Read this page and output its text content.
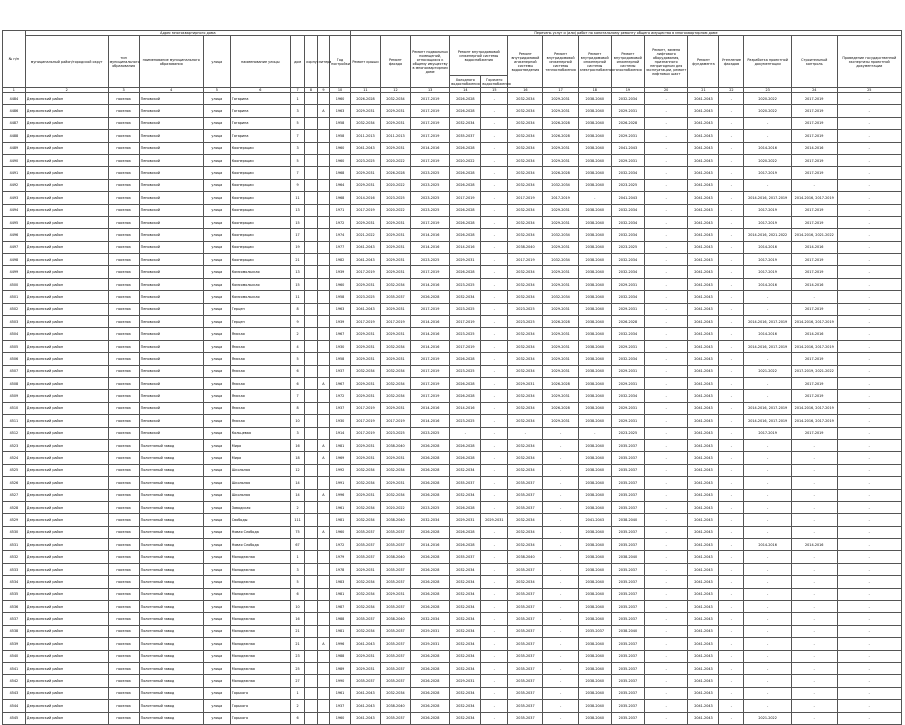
№ п/п	Адрес многоквартирного дома									Перечень услуг и (или) работ по капитальному ремонту общего имущества в многоквартирном доме														
	муниципальный район/городской округ	тип муниципального образования	наименование муниципального образования	улица	наименование улицы	дом	корпус	литера	Год постройки	Ремонт крыши	Ремонт фасада	Ремонт подвальных помещений, относящихся к общему имуществу в многоквартирном доме	Ремонт внутридомовой инженерной системы водоснабжения		Ремонт внутридомовой инженерной системы водоотведения	Ремонт внутридомовой инженерной системы теплоснабжения	Ремонт внутридомовой инженерной системы электроснабжения	Ремонт внутридомовой инженерной системы газоснабжения	Ремонт, замена лифтового оборудования, признанного непригодным для эксплуатации, ремонт лифтовых шахт	Ремонт фундамента	Утепление фасадов	Разработка проектной документации	Строительный контроль	Проведение государственной экспертизы проектной документации
													Холодного водоснабжения	Горячего водоснабжения										
1	2	3	4	5	6	7	8	9	10	11	12	13	14	15	16	17	18	19	20	21	22	23	24	25
4484	Дзержинский район	поселок	Пеновский	улица	Гагарина	1			1960	2026-2028	2032-2034	2017-2019	2026-2028	-	2032-2034	2029-2031	2038-2040	2032-2034	-	2041-2043	-	2020-2022	2017-2019	-
4486	Дзержинский район	поселок	Пеновский	улица	Гагарина	3		А	1963	2029-2031	2029-2031	2017-2019	2026-2028	-	2032-2034	2029-2031	2038-2040	2029-2031	-	2041-2043	-	2020-2022	2017-2019	-
4487	Дзержинский район	поселок	Пеновский	улица	Гагарина	5			1958	2032-2034	2029-2031	2017-2019	2032-2034	-	2032-2034	2026-2028	2038-2040	2026-2028	-	2041-2043	-	-	2017-2019	-
4488	Дзержинский район	поселок	Пеновский	улица	Гагарина	7			1958	2011-2013	2011-2013	2017-2019	2035-2037	-	2032-2034	2026-2028	2038-2040	2029-2031	-	2041-2043	-	-	2017-2019	-
4489	Дзержинский район	поселок	Пеновский	улица	Кооперации	3			1960	2041-2043	2029-2031	2014-2016	2026-2028	-	2032-2034	2029-2031	2038-2040	2041-2043	-	2041-2043	-	2014-2016	2014-2016	-
4490	Дзержинский район	поселок	Пеновский	улица	Кооперации	5			1960	2023-2025	2020-2022	2017-2019	2020-2022	-	2032-2034	2029-2031	2038-2040	2029-2031	-	2041-2043	-	2020-2022	2017-2019	-
4491	Дзержинский район	поселок	Пеновский	улица	Кооперации	7			1968	2029-2031	2026-2028	2023-2025	2026-2028	-	2032-2034	2026-2028	2038-2040	2032-2034	-	2041-2043	-	2017-2019	2017-2019	-
4492	Дзержинский район	поселок	Пеновский	улица	Кооперации	9			1964	2029-2031	2020-2022	2023-2025	2026-2028	-	2032-2034	2032-2034	2038-2040	2023-2025	-	2041-2043	-	-	-	-
4493	Дзержинский район	поселок	Пеновский	улица	Кооперации	11			1968	2014-2016	2023-2025	2023-2025	2017-2019	-	2017-2019	2017-2019	-	2041-2043	-	2041-2043	-	2014-2016, 2017-2019	2014-2016, 2017-2019	-
4494	Дзержинский район	поселок	Пеновский	улица	Кооперации	13			1971	2017-2019	2020-2022	2023-2025	2026-2028	-	2032-2034	2029-2031	2038-2040	2032-2034	-	2041-2043	-	2017-2019	2017-2019	-
4495	Дзержинский район	поселок	Пеновский	улица	Кооперации	15			1972	2029-2031	2029-2031	2017-2019	2026-2028	-	2032-2034	2029-2031	2038-2040	2032-2034	-	2041-2043	-	2017-2019	2017-2019	-
4496	Дзержинский район	поселок	Пеновский	улица	Кооперации	17			1974	2021-2022	2029-2031	2014-2016	2026-2028	-	2032-2034	2032-2034	2038-2040	2032-2034	-	2041-2043	-	2014-2016, 2021-2022	2014-2016, 2021-2022	-
4497	Дзержинский район	поселок	Пеновский	улица	Кооперации	19			1977	2041-2043	2029-2031	2014-2016	2014-2016	-	2038-2040	2029-2031	2038-2040	2023-2025	-	2041-2043	-	2014-2016	2014-2016	-
4498	Дзержинский район	поселок	Пеновский	улица	Кооперации	21			1982	2041-2043	2029-2031	2023-2025	2029-2031	-	2017-2019	2032-2034	2038-2040	2032-2034	-	2041-2043	-	2017-2019	2017-2019	-
4499	Дзержинский район	поселок	Пеновский	улица	Комсомольская	13			1939	2017-2019	2029-2031	2017-2019	2026-2028	-	2032-2034	2029-2031	2038-2040	2032-2034	-	2041-2043	-	2017-2019	2017-2019	-
4500	Дзержинский район	поселок	Пеновский	улица	Комсомольская	15			1960	2029-2031	2032-2034	2014-2016	2023-2025	-	2032-2034	2029-2031	2038-2040	2029-2031	-	2041-2043	-	2014-2016	2014-2016	-
4501	Дзержинский район	поселок	Пеновский	улица	Комсомольская	11			1958	2023-2025	2035-2037	2026-2028	2032-2034	-	2032-2034	2032-2034	2038-2040	2032-2034	-	2041-2043	-	-	-	-
4502	Дзержинский район	поселок	Пеновский	улица	Герцен	8			1963	2041-2043	2029-2031	2017-2019	2023-2025	-	2023-2025	2029-2031	2038-2040	2029-2031	-	2041-2043	-	-	2017-2019	-
4503	Дзержинский район	поселок	Пеновский	улица	Герцен	9			1939	2017-2019	2017-2019	2014-2016	2017-2019	-	2023-2025	2026-2028	2038-2040	2026-2028	-	2041-2043	-	2014-2016, 2017-2019	2014-2016, 2017-2019	-
4504	Дзержинский район	поселок	Пеновский	улица	Ямская	2			1967	2029-2031	2029-2031	2014-2016	2023-2025	-	2032-2034	2029-2031	2038-2040	2032-2034	-	2041-2043	-	2014-2016	2014-2016	-
4505	Дзержинский район	поселок	Пеновский	улица	Ямская	4			1930	2029-2031	2032-2034	2014-2016	2017-2019	-	2032-2034	2029-2031	2038-2040	2029-2031	-	2041-2043	-	2014-2016, 2017-2019	2014-2016, 2017-2019	-
4506	Дзержинский район	поселок	Пеновский	улица	Ямская	5			1958	2029-2031	2029-2031	2017-2019	2026-2028	-	2032-2034	2029-2031	2038-2040	2032-2034	-	2041-2043	-	-	2017-2019	-
4507	Дзержинский район	поселок	Пеновский	улица	Ямская	6			1937	2032-2034	2032-2034	2017-2019	2023-2025	-	2032-2034	2029-2031	2038-2040	2029-2031	-	2041-2043	-	2021-2022	2017-2019, 2021-2022	-
4508	Дзержинский район	поселок	Пеновский	улица	Ямская	6		А	1967	2029-2031	2032-2034	2017-2019	2026-2028	-	2029-2031	2026-2028	2038-2040	2029-2031	-	2041-2043	-	-	2017-2019	-
4509	Дзержинский район	поселок	Пеновский	улица	Ямская	7			1972	2029-2031	2032-2034	2017-2019	2026-2028	-	2032-2034	2029-2031	2038-2040	2032-2034	-	2041-2043	-	-	2017-2019	-
4510	Дзержинский район	поселок	Пеновский	улица	Ямская	8			1937	2017-2019	2029-2031	2014-2016	2014-2016	-	2032-2034	2026-2028	2038-2040	2029-2031	-	2041-2043	-	2014-2016, 2017-2019	2014-2016, 2017-2019	-
4511	Дзержинский район	поселок	Пеновский	улица	Ямская	10			1930	2017-2019	2017-2019	2014-2016	2023-2025	-	2032-2034	2029-2031	2038-2040	2029-2031	-	2041-2043	-	2014-2016, 2017-2019	2014-2016, 2017-2019	-
4512	Дзержинский район	поселок	Пеновский	улица	Кольцевая	3			1914	2017-2019	2023-2025	2023-2025	-	-	-	-	-	2023-2025	-	2041-2043	-	2017-2019	2017-2019	-
4523	Дзержинский район	поселок	Полотняный завод	улица	Мира	16		А	1981	2029-2031	2038-2040	2026-2028	2026-2028	-	2032-2034	-	2038-2040	2035-2037	-	2041-2043	-	-	-	-
4524	Дзержинский район	поселок	Полотняный завод	улица	Мира	18		А	1969	2029-2031	2029-2031	2026-2028	2026-2028	-	2032-2034	-	2038-2040	2035-2037	-	2041-2043	-	-	-	-
4525	Дзержинский район	поселок	Полотняный завод	улица	Школьная	12			1992	2032-2034	2032-2034	2026-2028	2032-2034	-	2032-2034	-	2038-2040	2035-2037	-	2041-2043	-	-	-	-
4526	Дзержинский район	поселок	Полотняный завод	улица	Школьная	14			1991	2032-2034	2029-2031	2026-2028	2035-2037	-	2035-2037	-	2038-2040	2035-2037	-	2041-2043	-	-	-	-
4527	Дзержинский район	поселок	Полотняный завод	улица	Школьная	14		А	1996	2029-2031	2032-2034	2026-2028	2032-2034	-	2035-2037	-	2038-2040	2035-2037	-	2041-2043	-	-	-	-
4528	Дзержинский район	поселок	Полотняный завод	улица	Заводская	2			1961	2032-2034	2020-2022	2023-2025	2026-2028	-	2035-2037	-	2038-2040	2035-2037	-	2041-2043	-	-	-	-
4529	Дзержинский район	поселок	Полотняный завод	улица	Свободы	111			1981	2032-2034	2038-2040	2032-2034	2029-2031	2029-2031	2032-2034	-	2041-2043	2038-2040	-	2041-2043	-	-	-	-
4530	Дзержинский район	поселок	Полотняный завод	улица	Новая Слобода	75		А	1960	2035-2037	2035-2037	2026-2028	2026-2028	-	2032-2034	-	2038-2040	2035-2037	-	2041-2043	-	-	-	-
4531	Дзержинский район	поселок	Полотняный завод	улица	Новая Слобода	67			1972	2035-2037	2035-2037	2014-2016	2026-2028	-	2032-2034	-	2038-2040	2035-2037	-	2041-2043	-	2014-2016	2014-2016	-
4532	Дзержинский район	поселок	Полотняный завод	улица	Молодежная	1			1979	2035-2037	2038-2040	2026-2028	2035-2037	-	2038-2040	-	2038-2040	2038-2040	-	2041-2043	-	-	-	-
4533	Дзержинский район	поселок	Полотняный завод	улица	Молодежная	3			1978	2029-2031	2035-2037	2026-2028	2032-2034	-	2035-2037	-	2038-2040	2035-2037	-	2041-2043	-	-	-	-
4534	Дзержинский район	поселок	Полотняный завод	улица	Молодежная	5			1983	2032-2034	2035-2037	2026-2028	2032-2034	-	2032-2034	-	2038-2040	2035-2037	-	2041-2043	-	-	-	-
4535	Дзержинский район	поселок	Полотняный завод	улица	Молодежная	6			1981	2032-2034	2029-2031	2026-2028	2032-2034	-	2035-2037	-	2038-2040	2035-2037	-	2041-2043	-	-	-	-
4536	Дзержинский район	поселок	Полотняный завод	улица	Молодежная	10			1987	2032-2034	2035-2037	2026-2028	2032-2034	-	2035-2037	-	2038-2040	2035-2037	-	2041-2043	-	-	-	-
4537	Дзержинский район	поселок	Полотняный завод	улица	Молодежная	16			1988	2035-2037	2038-2040	2032-2034	2032-2034	-	2035-2037	-	2038-2040	2035-2037	-	2041-2043	-	-	-	-
4538	Дзержинский район	поселок	Полотняный завод	улица	Молодежная	21			1981	2032-2034	2035-2037	2029-2031	2032-2034	-	2035-2037	-	2035-2037	2038-2040	-	2041-2043	-	-	-	-
4539	Дзержинский район	поселок	Полотняный завод	улица	Молодежная	21		А	1996	2041-2043	2035-2037	2029-2031	2032-2034	-	2035-2037	-	2038-2040	2035-2037	-	2041-2043	-	-	-	-
4540	Дзержинский район	поселок	Полотняный завод	улица	Молодежная	23			1988	2029-2031	2035-2037	2026-2028	2032-2034	-	2035-2037	-	2038-2040	2035-2037	-	2041-2043	-	-	-	-
4541	Дзержинский район	поселок	Полотняный завод	улица	Молодежная	25			1989	2029-2031	2035-2037	2026-2028	2032-2034	-	2035-2037	-	2038-2040	2035-2037	-	2041-2043	-	-	-	-
4542	Дзержинский район	поселок	Полотняный завод	улица	Молодежная	27			1990	2035-2037	2035-2037	2026-2028	2029-2031	-	2035-2037	-	2038-2040	2035-2037	-	2041-2043	-	-	-	-
4543	Дзержинский район	поселок	Полотняный завод	улица	Горького	1			1961	2041-2043	2032-2034	2026-2028	2032-2034	-	2035-2037	-	2038-2040	2035-2037	-	2041-2043	-	-	-	-
4544	Дзержинский район	поселок	Полотняный завод	улица	Горького	2			1937	2041-2043	2038-2040	2026-2028	2032-2034	-	2035-2037	-	2038-2040	2035-2037	-	2041-2043	-	-	-	-
4545	Дзержинский район	поселок	Полотняный завод	улица	Горького	6			1960	2041-2043	2035-2037	2026-2028	2032-2034	-	2035-2037	-	2038-2040	2035-2037	-	2041-2043	-	2021-2022	-	-
